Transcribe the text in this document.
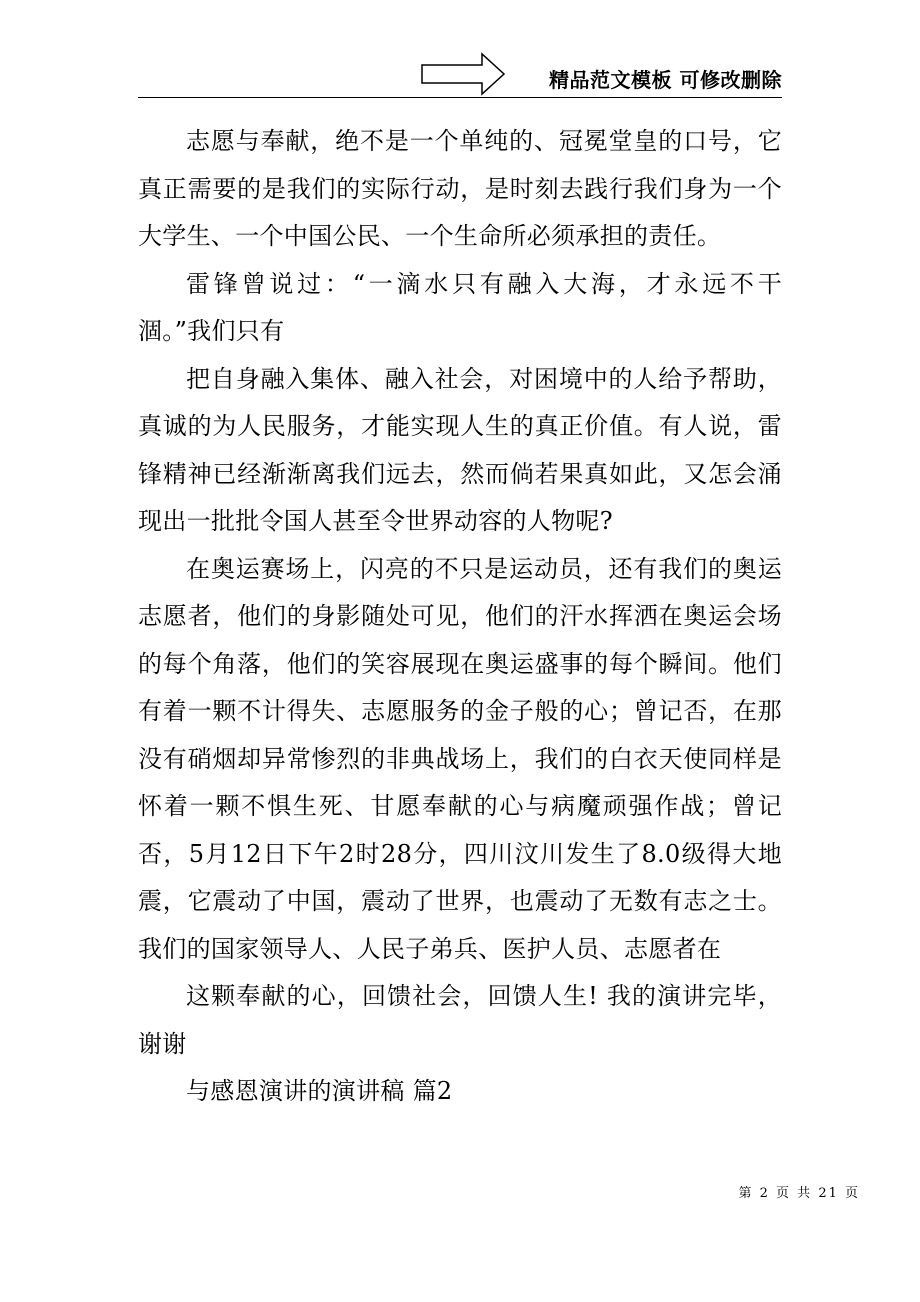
精品范文模板 可修改删除

志愿与奉献，绝不是一个单纯的、冠冕堂皇的口号，它真正需要的是我们的实际行动，是时刻去践行我们身为一个大学生、一个中国公民、一个生命所必须承担的责任。

雷锋曾说过：“一滴水只有融入大海，才永远不干涸。”我们只有

把自身融入集体、融入社会，对困境中的人给予帮助，真诚的为人民服务，才能实现人生的真正价值。有人说，雷锋精神已经渐渐离我们远去，然而倘若果真如此，又怎会涌现出一批批令国人甚至令世界动容的人物呢?

在奥运赛场上，闪亮的不只是运动员，还有我们的奥运志愿者，他们的身影随处可见，他们的汗水挥洒在奥运会场的每个角落，他们的笑容展现在奥运盛事的每个瞬间。他们有着一颗不计得失、志愿服务的金子般的心；曾记否，在那没有硝烟却异常惨烈的非典战场上，我们的白衣天使同样是怀着一颗不惧生死、甘愿奉献的心与病魔顽强作战；曾记否，5月12日下午2时28分，四川汶川发生了8.0级得大地震，它震动了中国，震动了世界，也震动了无数有志之士。我们的国家领导人、人民子弟兵、医护人员、志愿者在

这颗奉献的心，回馈社会，回馈人生! 我的演讲完毕，谢谢

与感恩演讲的演讲稿 篇2

第 2 页 共 21 页
